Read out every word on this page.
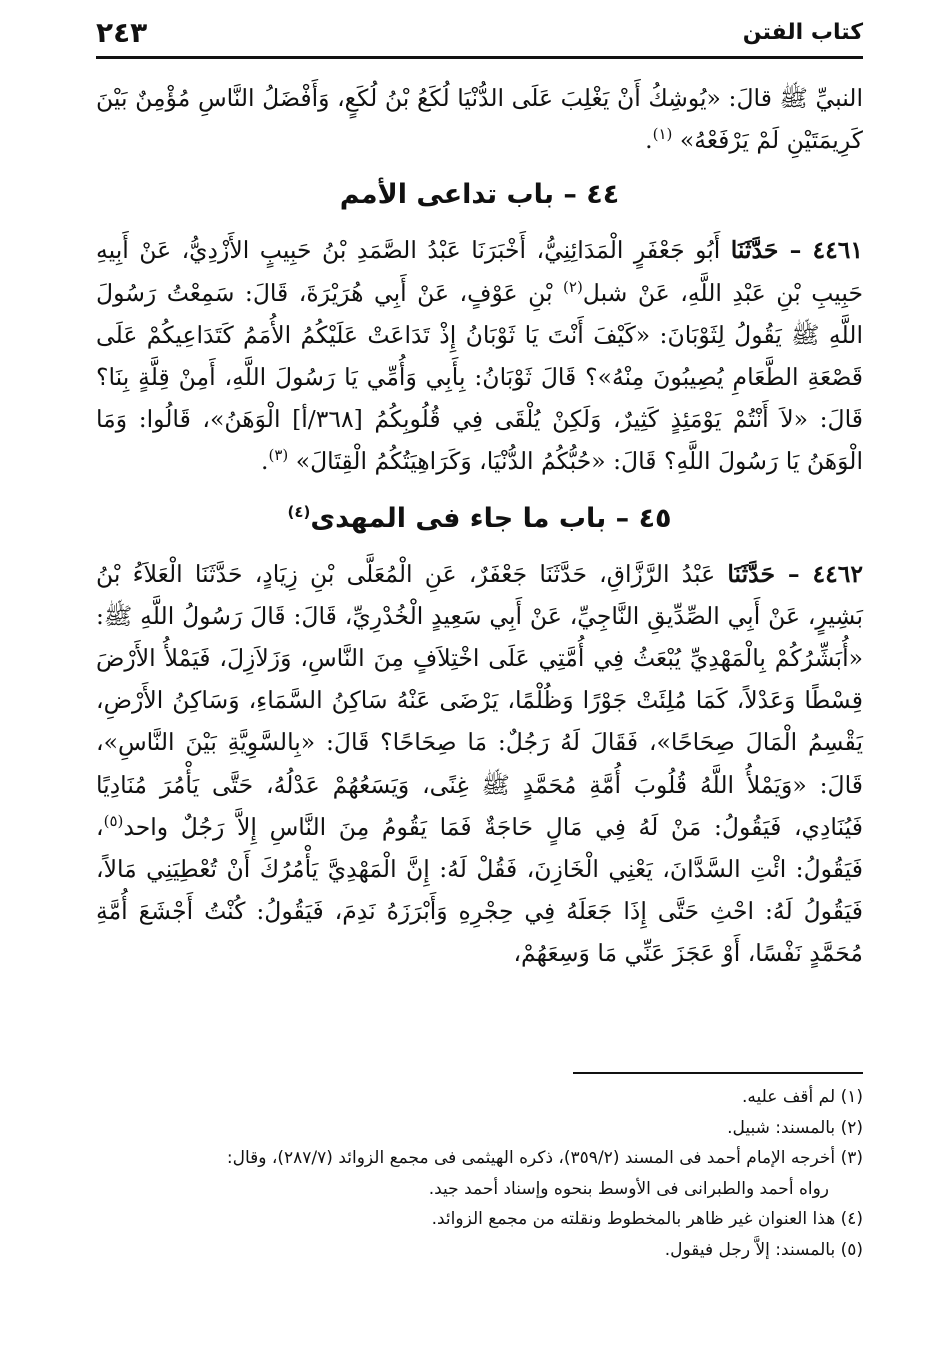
كتاب الفتن
٢٤٣

النبيِّ ﷺ قالَ: «يُوشِكُ أَنْ يَغْلِبَ عَلَى الدُّنْيَا لُكَعُ بْنُ لُكَعٍ، وَأَفْضَلُ النَّاسِ مُؤْمِنٌ بَيْنَ كَرِيمَتَيْنِ لَمْ يَرْفَعْهُ» $^{(١)}$.

٤٤ – باب تداعى الأمم

٤٤٦١ – حَدَّثَنَا أَبُو جَعْفَرٍ الْمَدَائِنِيُّ، أَخْبَرَنَا عَبْدُ الصَّمَدِ بْنُ حَبِيبٍ الأَزْدِيُّ، عَنْ أَبِيهِ حَبِيبِ بْنِ عَبْدِ اللَّهِ، عَنْ شبل$^{(٢)}$ بْنِ عَوْفٍ، عَنْ أَبِي هُرَيْرَةَ، قَالَ: سَمِعْتُ رَسُولَ اللَّهِ ﷺ يَقُولُ لِثَوْبَانَ: «كَيْفَ أَنْتَ يَا ثَوْبَانُ إِذْ تَدَاعَتْ عَلَيْكُمُ الأُمَمُ كَتَدَاعِيكُمْ عَلَى قَصْعَةِ الطَّعَامِ يُصِيبُونَ مِنْهُ»؟ قَالَ ثَوْبَانُ: بِأَبِي وَأُمِّي يَا رَسُولَ اللَّهِ، أَمِنْ قِلَّةٍ بِنَا؟ قَالَ: «لاَ أَنْتُمْ يَوْمَئِذٍ كَثِيرٌ، وَلَكِنْ يُلْقَى فِي قُلُوبِكُمُ [٣٦٨/أ] الْوَهَنُ»، قَالُوا: وَمَا الْوَهَنُ يَا رَسُولَ اللَّهِ؟ قَالَ: «حُبُّكُمُ الدُّنْيَا، وَكَرَاهِيَتُكُمُ الْقِتَالَ» $^{(٣)}$.

٤٥ – باب ما جاء فى المهدى$^{(٤)}$

٤٤٦٢ – حَدَّثَنَا عَبْدُ الرَّزَّاقِ، حَدَّثَنَا جَعْفَرٌ، عَنِ الْمُعَلَّى بْنِ زِيَادٍ، حَدَّثَنَا الْعَلاَءُ بْنُ بَشِيرٍ، عَنْ أَبِي الصِّدِّيقِ النَّاجِيِّ، عَنْ أَبِي سَعِيدٍ الْخُدْرِيِّ، قَالَ: قَالَ رَسُولُ اللَّهِ ﷺ: «أُبَشِّرُكُمْ بِالْمَهْدِيِّ يُبْعَثُ فِي أُمَّتِي عَلَى اخْتِلاَفٍ مِنَ النَّاسِ، وَزَلاَزِلَ، فَيَمْلأُ الأَرْضَ قِسْطًا وَعَدْلاً، كَمَا مُلِئَتْ جَوْرًا وَظُلْمًا، يَرْضَى عَنْهُ سَاكِنُ السَّمَاءِ، وَسَاكِنُ الأَرْضِ، يَقْسِمُ الْمَالَ صِحَاحًا»، فَقَالَ لَهُ رَجُلٌ: مَا صِحَاحًا؟ قَالَ: «بِالسَّوِيَّةِ بَيْنَ النَّاسِ»، قَالَ: «وَيَمْلأُ اللَّهُ قُلُوبَ أُمَّةِ مُحَمَّدٍ ﷺ غِنًى، وَيَسَعُهُمْ عَدْلُهُ، حَتَّى يَأْمُرَ مُنَادِيًا فَيُنَادِي، فَيَقُولُ: مَنْ لَهُ فِي مَالٍ حَاجَةٌ فَمَا يَقُومُ مِنَ النَّاسِ إِلاَّ رَجُلٌ واحد$^{(٥)}$، فَيَقُولُ: ائْتِ السَّدَّانَ، يَعْنِي الْخَازِنَ، فَقُلْ لَهُ: إِنَّ الْمَهْدِيَّ يَأْمُرُكَ أَنْ تُعْطِيَنِي مَالاً، فَيَقُولُ لَهُ: احْثِ حَتَّى إِذَا جَعَلَهُ فِي حِجْرِهِ وَأَبْرَزَهُ نَدِمَ، فَيَقُولُ: كُنْتُ أَجْشَعَ أُمَّةِ مُحَمَّدٍ نَفْسًا، أَوْ عَجَزَ عَنِّي مَا وَسِعَهُمْ،

(١) لم أقف عليه.

(٢) بالمسند: شبيل.

(٣) أخرجه الإمام أحمد فى المسند (٣٥٩/٢)، ذكره الهيثمى فى مجمع الزوائد (٢٨٧/٧)، وقال:

رواه أحمد والطبرانى فى الأوسط بنحوه وإسناد أحمد جيد.

(٤) هذا العنوان غير ظاهر بالمخطوط ونقلته من مجمع الزوائد.

(٥) بالمسند: إلاَّ رجل فيقول.
